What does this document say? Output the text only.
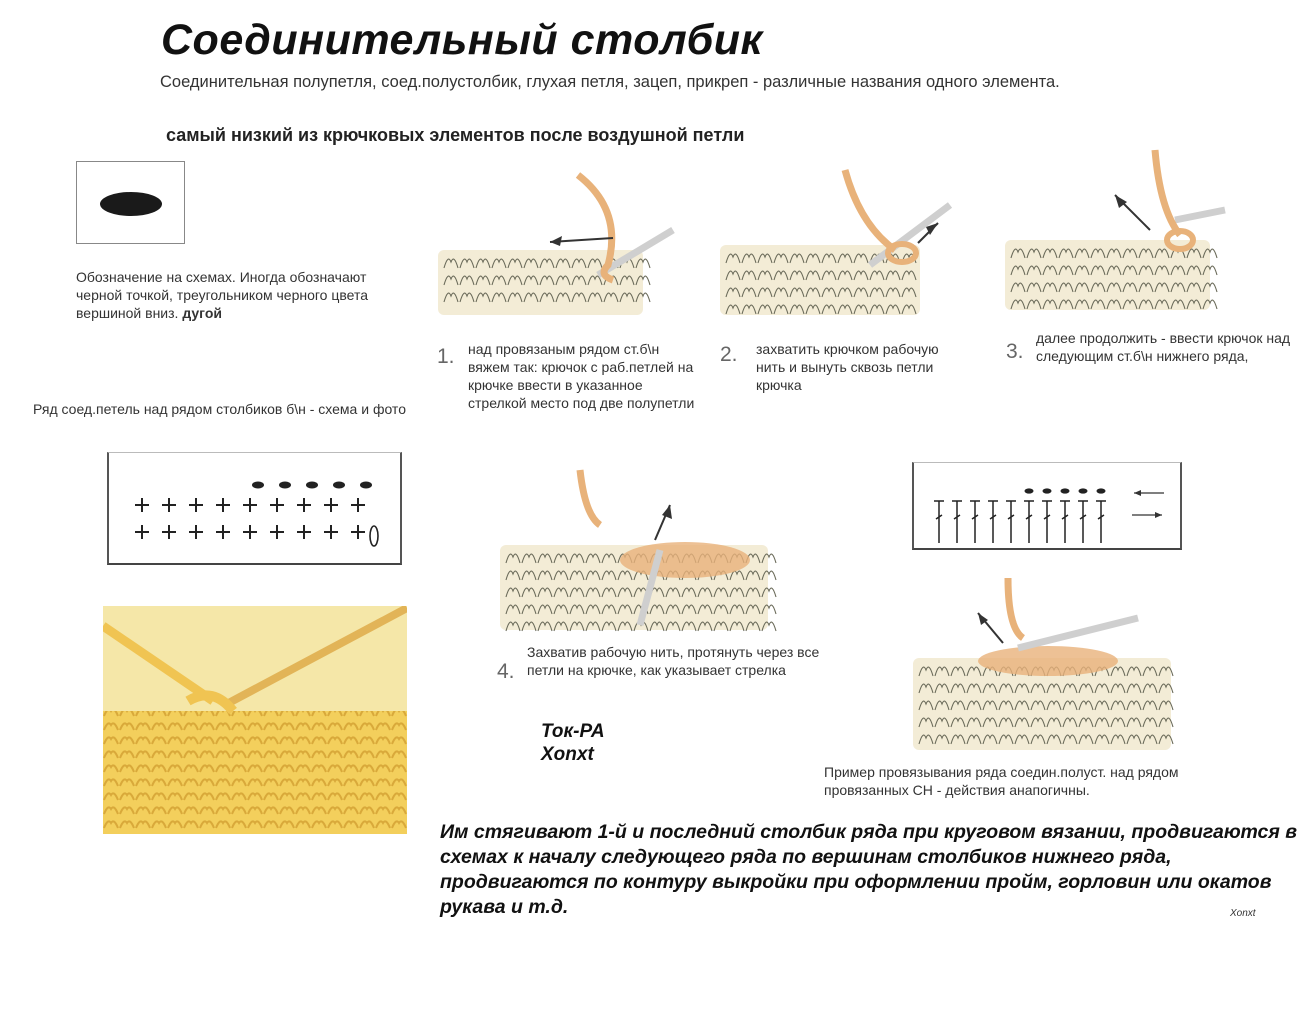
Соединительный столбик
Соединительная полупетля, соед.полустолбик, глухая петля, зацеп, прикреп - различные названия одного элемента.
самый низкий из крючковых элементов после воздушной петли
Обозначение на схемах. Иногда обозначают черной точкой, треугольником черного цвета вершиной вниз. дугой
Ряд соед.петель над рядом столбиков б\н - схема и фото
1. над провязаным рядом ст.б\н вяжем так: крючок с раб.петлей на крючке ввести в указанное стрелкой место под две полупетли
2. захватить крючком рабочую нить и вынуть сквозь петли крючка
3.
далее продолжить - ввести крючок над следующим ст.б\н нижнего ряда,
4.
Захватив рабочую нить, протянуть через все петли на крючке, как указывает стрелка
Пример провязывания ряда соедин.полуст. над рядом провязанных СН - действия анапогичны.
Ток-РА
Xonxt
Им стягивают 1-й и последний столбик ряда при круговом вязании, продвигаются в схемах к началу следующего ряда по вершинам столбиков нижнего ряда, продвигаются по контуру выкройки при оформлении пройм, горловин или окатов рукава и т.д.	Xonxt
